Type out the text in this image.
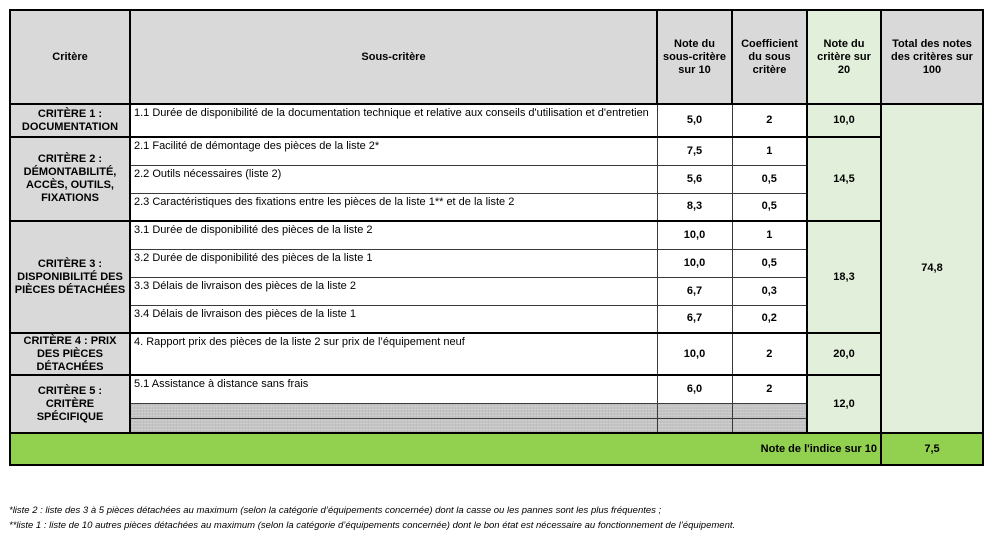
Critère	Sous-critère	Note du sous-critère sur 10	Coefficient du sous critère	Note du critère sur 20	Total des notes des critères sur 100
CRITÈRE 1 : DOCUMENTATION	1.1 Durée de disponibilité de la documentation technique et relative aux conseils d'utilisation et d'entretien	5,0	2	10,0	74,8
CRITÈRE 2 : DÉMONTABILITÉ, ACCÈS, OUTILS, FIXATIONS	2.1 Facilité de démontage des pièces de la liste 2*	7,5	1	14,5	
	2.2 Outils nécessaires (liste 2)	5,6	0,5		
	2.3 Caractéristiques des fixations entre les pièces de la liste 1** et de la liste 2	8,3	0,5		
CRITÈRE 3 : DISPONIBILITÉ DES PIÈCES DÉTACHÉES	3.1 Durée de disponibilité des pièces de la liste 2	10,0	1	18,3	
	3.2 Durée de disponibilité des pièces de la liste 1	10,0	0,5		
	3.3 Délais de livraison des pièces de la liste 2	6,7	0,3		
	3.4 Délais de livraison des pièces de la liste 1	6,7	0,2		
CRITÈRE 4 : PRIX DES PIÈCES DÉTACHÉES	4. Rapport prix des pièces de la liste 2 sur prix de l’équipement neuf	10,0	2	20,0	
CRITÈRE 5 : CRITÈRE SPÉCIFIQUE	5.1 Assistance à distance sans frais	6,0	2	12,0	

Note de l'indice sur 10					7,5
*liste 2 : liste des 3 à 5 pièces détachées au maximum (selon la catégorie d’équipements concernée) dont la casse ou les pannes sont les plus fréquentes ;
**liste 1 : liste de 10 autres pièces détachées au maximum (selon la catégorie d’équipements concernée) dont le bon état est nécessaire au fonctionnement de l’équipement.
